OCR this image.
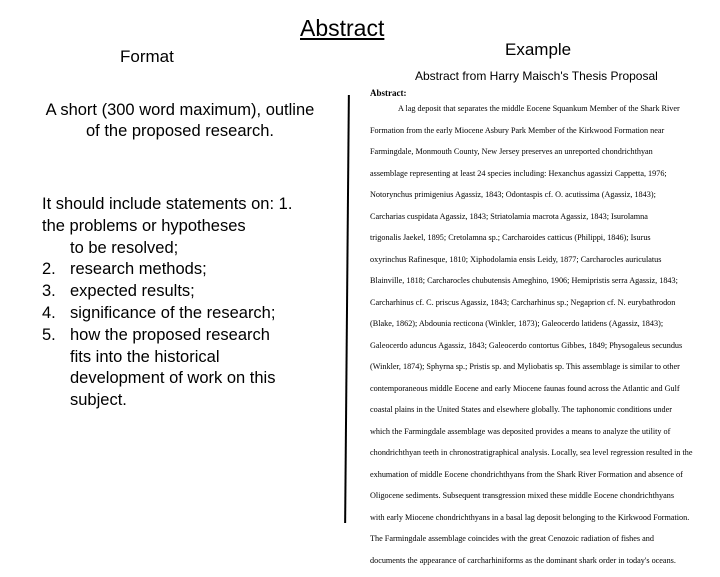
Abstract
Format	Example
Abstract from Harry Maisch's Thesis Proposal
A short (300 word maximum), outline of the proposed research.
It should include statements on: 1.
the problems or hypotheses
to be resolved;
2. research methods;
3. expected results;
4. significance of the research;
5. how the proposed research
fits into the historical
development of work on this
subject.
Abstract:
A lag deposit that separates the middle Eocene Squankum Member of the Shark River
Formation from the early Miocene Asbury Park Member of the Kirkwood Formation near
Farmingdale, Monmouth County, New Jersey preserves an unreported chondrichthyan
assemblage representing at least 24 species including: Hexanchus agassizi Cappetta, 1976;
Notorynchus primigenius Agassiz, 1843; Odontaspis cf. O. acutissima (Agassiz, 1843);
Carcharias cuspidata Agassiz, 1843; Striatolamia macrota Agassiz, 1843; Isurolamna
trigonalis Jaekel, 1895; Cretolamna sp.; Carcharoides catticus (Philippi, 1846); Isurus
oxyrinchus Rafinesque, 1810; Xiphodolamia ensis Leidy, 1877; Carcharocles auriculatus
Blainville, 1818; Carcharocles chubutensis Ameghino, 1906; Hemipristis serra Agassiz, 1843;
Carcharhinus cf. C. priscus Agassiz, 1843; Carcharhinus sp.; Negaprion cf. N. eurybathrodon
(Blake, 1862); Abdounia recticona (Winkler, 1873); Galeocerdo latidens (Agassiz, 1843);
Galeocerdo aduncus Agassiz, 1843; Galeocerdo contortus Gibbes, 1849; Physogaleus secundus
(Winkler, 1874); Sphyrna sp.; Pristis sp. and Myliobatis sp. This assemblage is similar to other
contemporaneous middle Eocene and early Miocene faunas found across the Atlantic and Gulf
coastal plains in the United States and elsewhere globally. The taphonomic conditions under
which the Farmingdale assemblage was deposited provides a means to analyze the utility of
chondrichthyan teeth in chronostratigraphical analysis. Locally, sea level regression resulted in the
exhumation of middle Eocene chondrichthyans from the Shark River Formation and absence of
Oligocene sediments. Subsequent transgression mixed these middle Eocene chondrichthyans
with early Miocene chondrichthyans in a basal lag deposit belonging to the Kirkwood Formation.
The Farmingdale assemblage coincides with the great Cenozoic radiation of fishes and
documents the appearance of carcharhiniforms as the dominant shark order in today's oceans.
